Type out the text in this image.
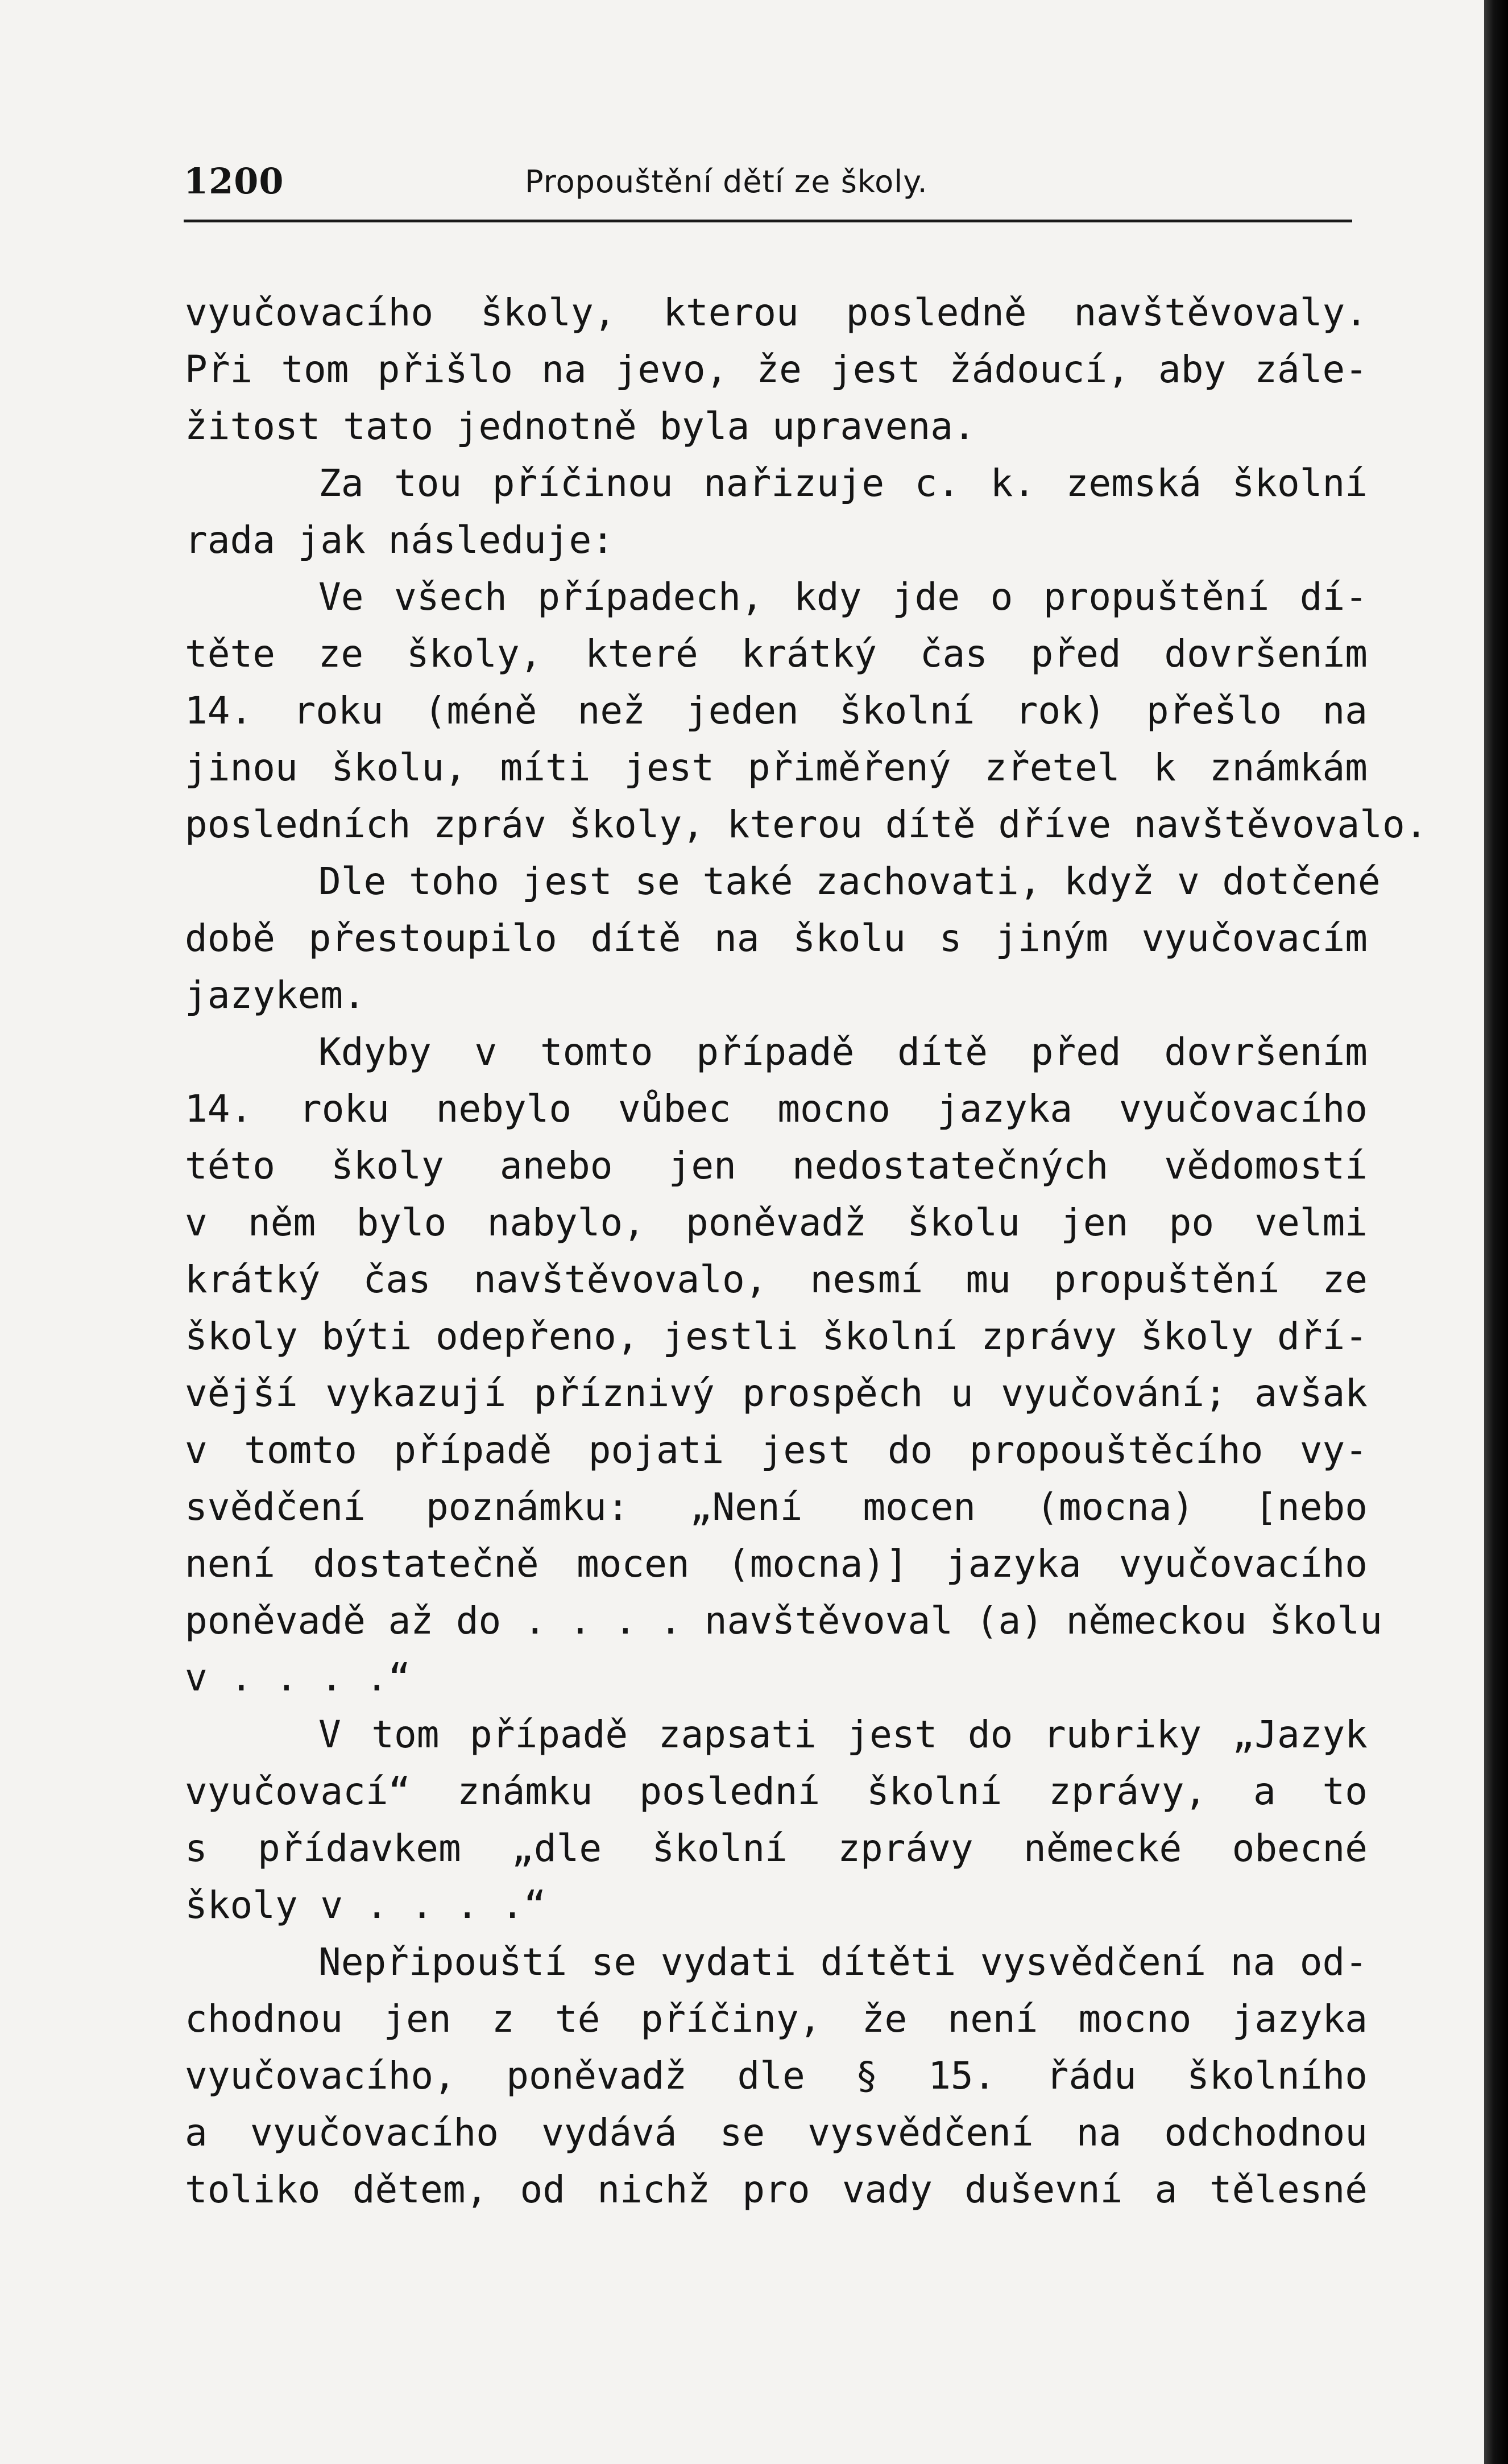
1200	Propouštění dětí ze školy.
vyučovacího školy, kterou posledně navštěvovaly.
Při tom přišlo na jevo, že jest žádoucí, aby zále-
žitost tato jednotně byla upravena.
Za tou příčinou nařizuje c. k. zemská školní
rada jak následuje:
Ve všech případech, kdy jde o propuštění dí-
těte ze školy, které krátký čas před dovršením
14. roku (méně než jeden školní rok) přešlo na
jinou školu, míti jest přiměřený zřetel k známkám
posledních zpráv školy, kterou dítě dříve navštěvovalo.
Dle toho jest se také zachovati, když v dotčené
době přestoupilo dítě na školu s jiným vyučovacím
jazykem.
Kdyby v tomto případě dítě před dovršením
14. roku nebylo vůbec mocno jazyka vyučovacího
této školy anebo jen nedostatečných vědomostí
v něm bylo nabylo, poněvadž školu jen po velmi
krátký čas navštěvovalo, nesmí mu propuštění ze
školy býti odepřeno, jestli školní zprávy školy dří-
vější vykazují příznivý prospěch u vyučování; avšak
v tomto případě pojati jest do propouštěcího vy-
svědčení poznámku: „Není mocen (mocna) [nebo
není dostatečně mocen (mocna)] jazyka vyučovacího
poněvadě až do . . . . navštěvoval (a) německou školu
v . . . .“
V tom případě zapsati jest do rubriky „Jazyk
vyučovací“ známku poslední školní zprávy, a to
s přídavkem „dle školní zprávy německé obecné
školy v . . . .“
Nepřipouští se vydati dítěti vysvědčení na od-
chodnou jen z té příčiny, že není mocno jazyka
vyučovacího, poněvadž dle § 15. řádu školního
a vyučovacího vydává se vysvědčení na odchodnou
toliko dětem, od nichž pro vady duševní a tělesné
